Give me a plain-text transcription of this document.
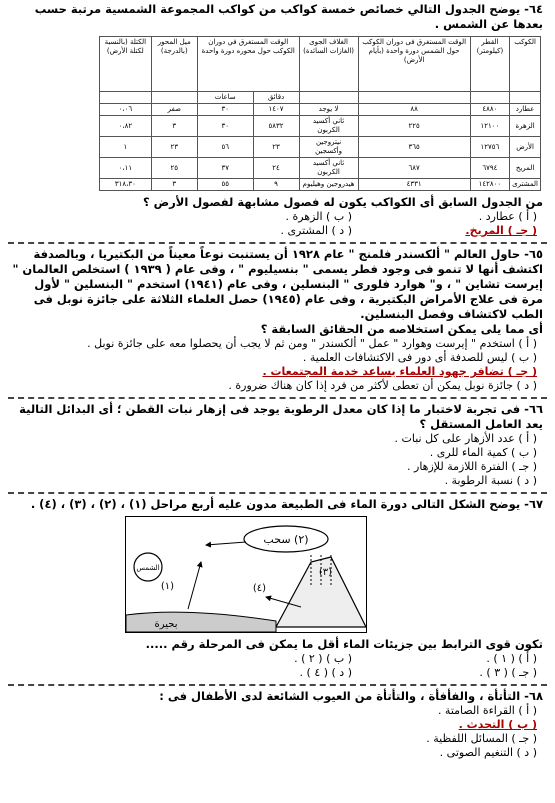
٦٤- يوضح الجدول التالي خصائص خمسة كواكب من كواكب المجموعة الشمسية مرتبة حسب بعدها عن الشمس .
الكوكب	القطر (كيلومتر)	الوقت المستغرق فى دوران الكوكب حول الشمس دورة واحدة (بأيام الأرض)	الغلاف الجوى (الغازات السائدة)	الوقت المستغرق في دوران الكوكب حول محوره دورة واحدة		ميل المحور (بالدرجة)	الكتلة (بالنسبة لكتلة الأرض)
				دقائق	ساعات		
عطارد	٤٨٨٠	٨٨	لا يوجد	١٤٠٧	٣٠	صفر	٠،٠٦
الزهرة	١٢١٠٠	٢٢٥	ثاني أكسيد الكربون	٥٨٣٢	٣٠	٣	٠،٨٢
الأرض	١٢٧٥٦	٣٦٥	نيتروجين وأكسجين	٢٣	٥٦	٢٣	١
المريخ	٦٧٩٤	٦٨٧	ثاني أكسيد الكربون	٢٤	٣٧	٢٥	٠،١١
المشترى	١٤٢٨٠٠	٤٣٣١	هيدروجين وهيليوم	٩	٥٥	٣	٣١٨،٣٠
من الجدول السابق أى الكواكب يكون له فصول مشابهة لفصول الأرض ؟
( أ ) عطارد .
( ب ) الزهرة .
( جـ ) المريخ.
( د ) المشترى .
٦٥- حاول العالم " ألكسندر فلمنج " عام ١٩٢٨ أن يستنبت نوعاً معيناً من البكتيريا ، وبالصدفة اكتشف أنها لا تنمو فى وجود فطر يسمى " بنسيليوم " ، وفى عام ( ١٩٣٩ ) استخلص العالمان " إيرست تشاين " ، و" هوارد فلورى " البنسلين ، وفى عام (١٩٤١) استخدم " البنسلين " لأول مرة فى علاج الأمراض البكتيرية ، وفى عام (١٩٤٥) حصل العلماء الثلاثة على جائزة نوبل فى الطب لاكتشاف وفصل البنسلين.
أى مما يلى يمكن استخلاصه من الحقائق السابقة ؟
( أ ) استخدم " إيرست وهوارد " عمل " ألكسندر " ومن ثم لا يجب أن يحصلوا معه على جائزة نوبل .
( ب ) ليس للصدفة أى دور فى الاكتشافات العلمية .
( جـ ) تضافر جهود العلماء يساعد خدمة المجتمعات .
( د ) جائزة نوبل يمكن أن تعطى لأكثر من فرد إذا كان هناك ضرورة .
٦٦- فى تجربة لاختبار ما إذا كان معدل الرطوبة يوجد فى إزهار نبات القطن ؛ أى البدائل التالية يعد العامل المستقل ؟
( أ ) عدد الأزهار على كل نبات .
( ب ) كمية الماء للرى .
( جـ ) الفترة اللازمة للإزهار .
( د ) نسبة الرطوبة .
٦٧- يوضح الشكل التالى دورة الماء فى الطبيعة مدون عليه أربع مراحل (١) ، (٢) ، (٣) ، (٤) .
(٢) سحب
الشمس
بحيرة
(١)
(٣)
(٤)
تكون قوى الترابط بين جزيئات الماء أقل ما يمكن فى المرحلة رقم .....
( أ ) ( ١ ) .
( ب ) ( ٢ ) .
( جـ ) ( ٣ ) .
( د ) ( ٤ ) .
٦٨- التأتأة ، والفأفأة ، والتأتأة من العيوب الشائعة لدى الأطفال فى :
( أ ) القراءة الصامتة .
( ب ) التحدث .
( جـ ) المسائل اللفظية .
( د ) التنغيم الصوتى .
